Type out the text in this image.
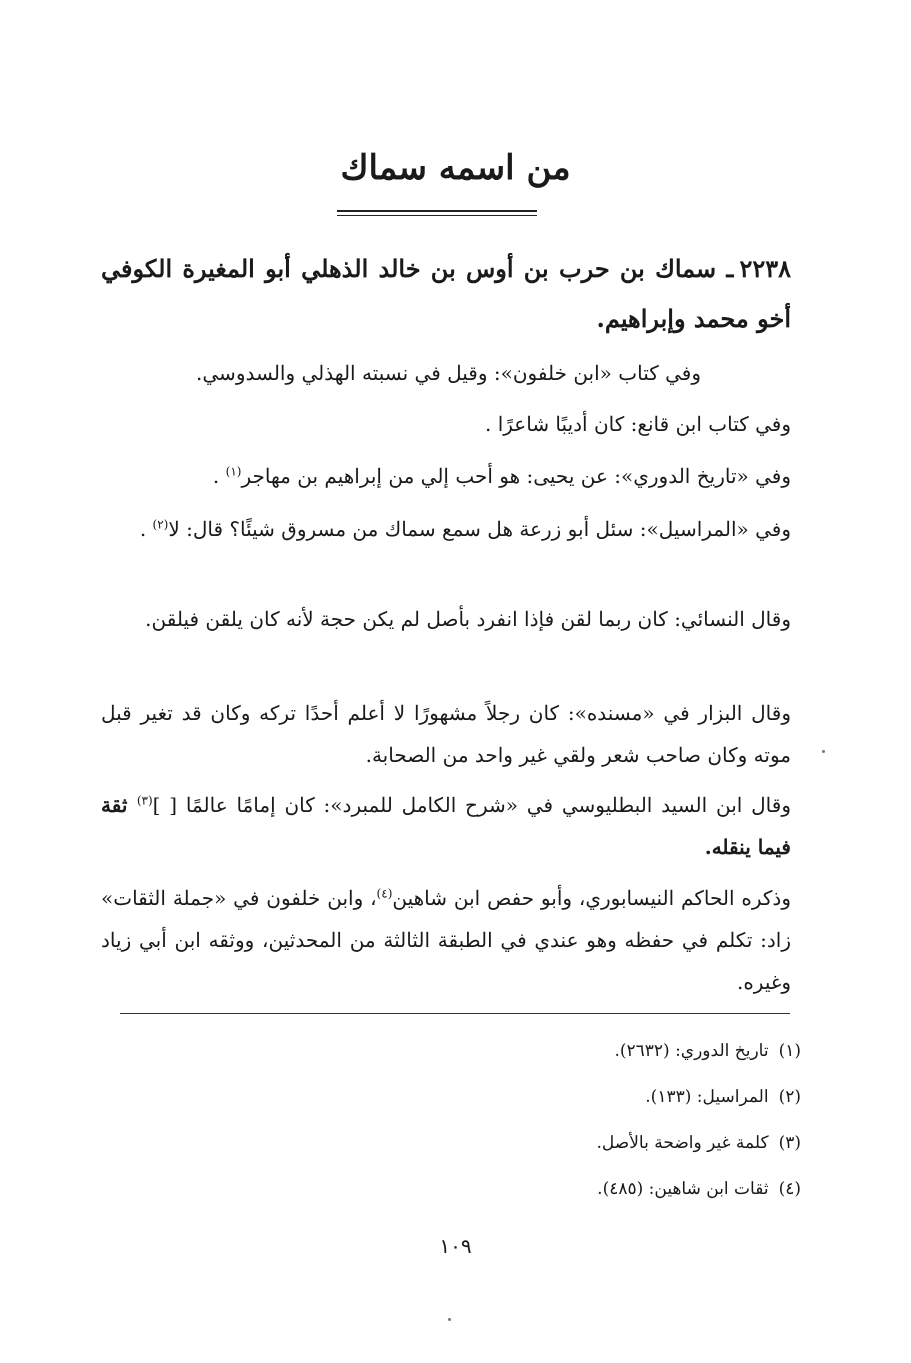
من اسمه سماك

٢٢٣٨ـ سماك بن حرب بن أوس بن خالد الذهلي أبو المغيرة الكوفي أخو محمد وإبراهيم.

وفي كتاب «ابن خلفون»: وقيل في نسبته الهذلي والسدوسي.

وفي كتاب ابن قانع: كان أديبًا شاعرًا .

وفي «تاريخ الدوري»: عن يحيى: هو أحب إلي من إبراهيم بن مهاجر$^{(١)}$ .

وفي «المراسيل»: سئل أبو زرعة هل سمع سماك من مسروق شيئًا؟ قال: لا$^{(٢)}$ .

وقال النسائي: كان ربما لقن فإذا انفرد بأصل لم يكن حجة لأنه كان يلقن فيلقن.

وقال البزار في «مسنده»: كان رجلاً مشهورًا لا أعلم أحدًا تركه وكان قد تغير قبل موته وكان صاحب شعر ولقي غير واحد من الصحابة.

وقال ابن السيد البطليوسي في «شرح الكامل للمبرد»: كان إمامًا عالمًا [ ]$^{(٣)}$ ثقة فيما ينقله.

وذكره الحاكم النيسابوري، وأبو حفص ابن شاهين$^{(٤)}$، وابن خلفون في «جملة الثقات» زاد: تكلم في حفظه وهو عندي في الطبقة الثالثة من المحدثين، ووثقه ابن أبي زياد وغيره.

(١)تاريخ الدوري: (٢٦٣٢).
(٢)المراسيل: (١٣٣).
(٣)كلمة غير واضحة بالأصل.
(٤)ثقات ابن شاهين: (٤٨٥).
١٠٩
